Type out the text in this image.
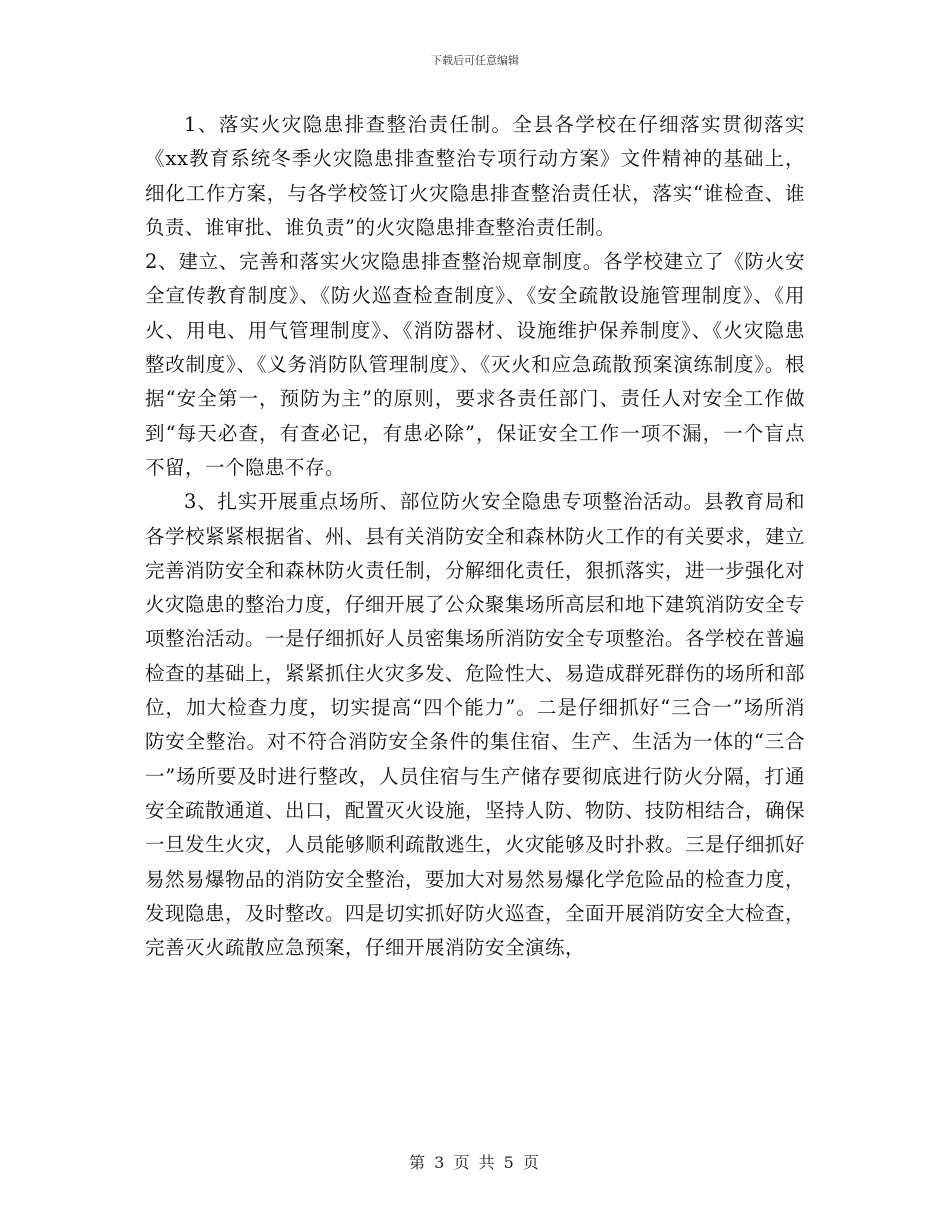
下载后可任意编辑

1、落实火灾隐患排查整治责任制。全县各学校在仔细落实贯彻落实《xx教育系统冬季火灾隐患排查整治专项行动方案》文件精神的基础上，细化工作方案，与各学校签订火灾隐患排查整治责任状，落实“谁检查、谁负责、谁审批、谁负责”的火灾隐患排查整治责任制。

2、建立、完善和落实火灾隐患排查整治规章制度。各学校建立了《防火安全宣传教育制度》、《防火巡查检查制度》、《安全疏散设施管理制度》、《用火、用电、用气管理制度》、《消防器材、设施维护保养制度》、《火灾隐患整改制度》、《义务消防队管理制度》、《灭火和应急疏散预案演练制度》。根据“安全第一，预防为主”的原则，要求各责任部门、责任人对安全工作做到“每天必查，有查必记，有患必除”，保证安全工作一项不漏，一个盲点不留，一个隐患不存。

3、扎实开展重点场所、部位防火安全隐患专项整治活动。县教育局和各学校紧紧根据省、州、县有关消防安全和森林防火工作的有关要求，建立完善消防安全和森林防火责任制，分解细化责任，狠抓落实，进一步强化对火灾隐患的整治力度，仔细开展了公众聚集场所高层和地下建筑消防安全专项整治活动。一是仔细抓好人员密集场所消防安全专项整治。各学校在普遍检查的基础上，紧紧抓住火灾多发、危险性大、易造成群死群伤的场所和部位，加大检查力度，切实提高“四个能力”。二是仔细抓好“三合一”场所消防安全整治。对不符合消防安全条件的集住宿、生产、生活为一体的“三合一”场所要及时进行整改，人员住宿与生产储存要彻底进行防火分隔，打通安全疏散通道、出口，配置灭火设施，坚持人防、物防、技防相结合，确保一旦发生火灾，人员能够顺利疏散逃生，火灾能够及时扑救。三是仔细抓好易然易爆物品的消防安全整治，要加大对易然易爆化学危险品的检查力度，发现隐患，及时整改。四是切实抓好防火巡查，全面开展消防安全大检查，完善灭火疏散应急预案，仔细开展消防安全演练，

第 3 页 共 5 页
